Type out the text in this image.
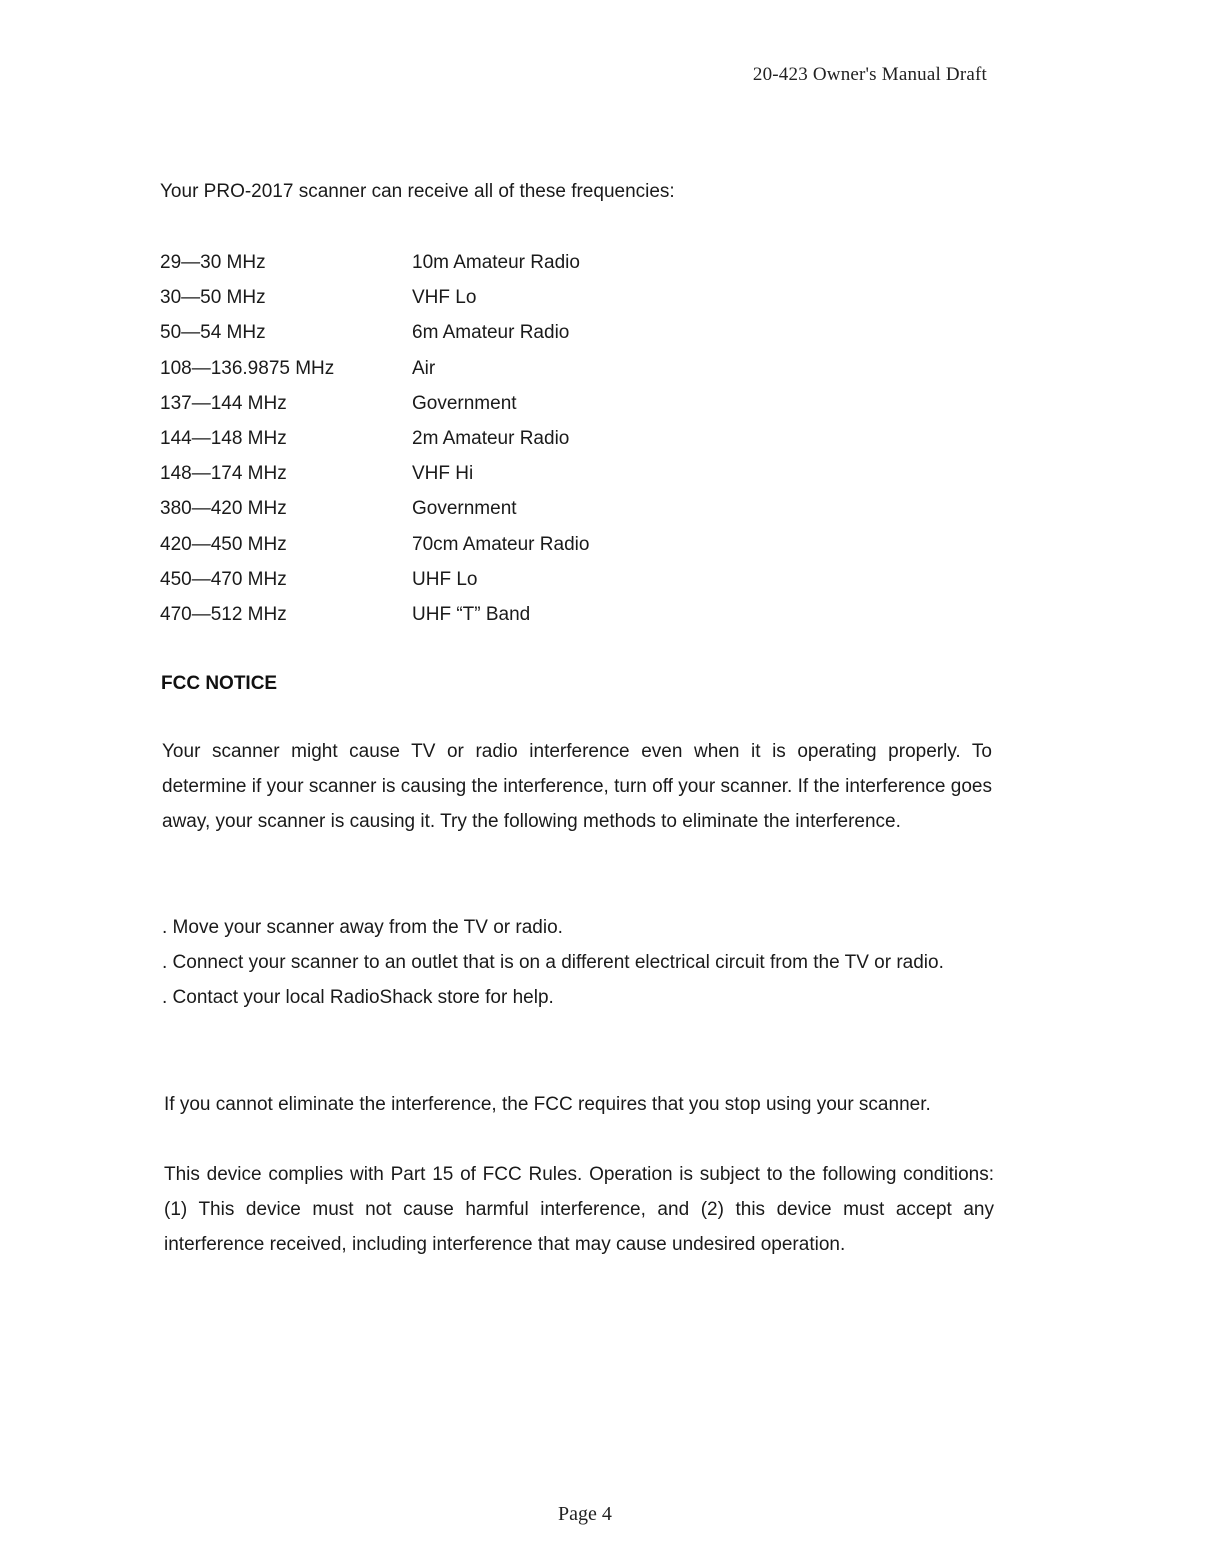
20-423 Owner's Manual Draft
Your PRO-2017 scanner can receive all of these frequencies:
29—30 MHz	10m Amateur Radio
30—50 MHz	VHF Lo
50—54 MHz	6m Amateur Radio
108—136.9875 MHz	Air
137—144 MHz	Government
144—148 MHz	2m Amateur Radio
148—174 MHz	VHF Hi
380—420 MHz	Government
420—450 MHz	70cm Amateur Radio
450—470 MHz	UHF Lo
470—512 MHz	UHF “T” Band
FCC NOTICE
Your scanner might cause TV or radio interference even when it is operating properly. To determine if your scanner is causing the interference, turn off your scanner. If the interference goes away, your scanner is causing it. Try the following methods to eliminate the interference.
. Move your scanner away from the TV or radio.
. Connect your scanner to an outlet that is on a different electrical circuit from the TV or radio.
. Contact your local RadioShack store for help.
If you cannot eliminate the interference, the FCC requires that you stop using your scanner.
This device complies with Part 15 of FCC Rules. Operation is subject to the following conditions: (1) This device must not cause harmful interference, and (2) this device must accept any interference received, including interference that may cause undesired operation.
Page 4
